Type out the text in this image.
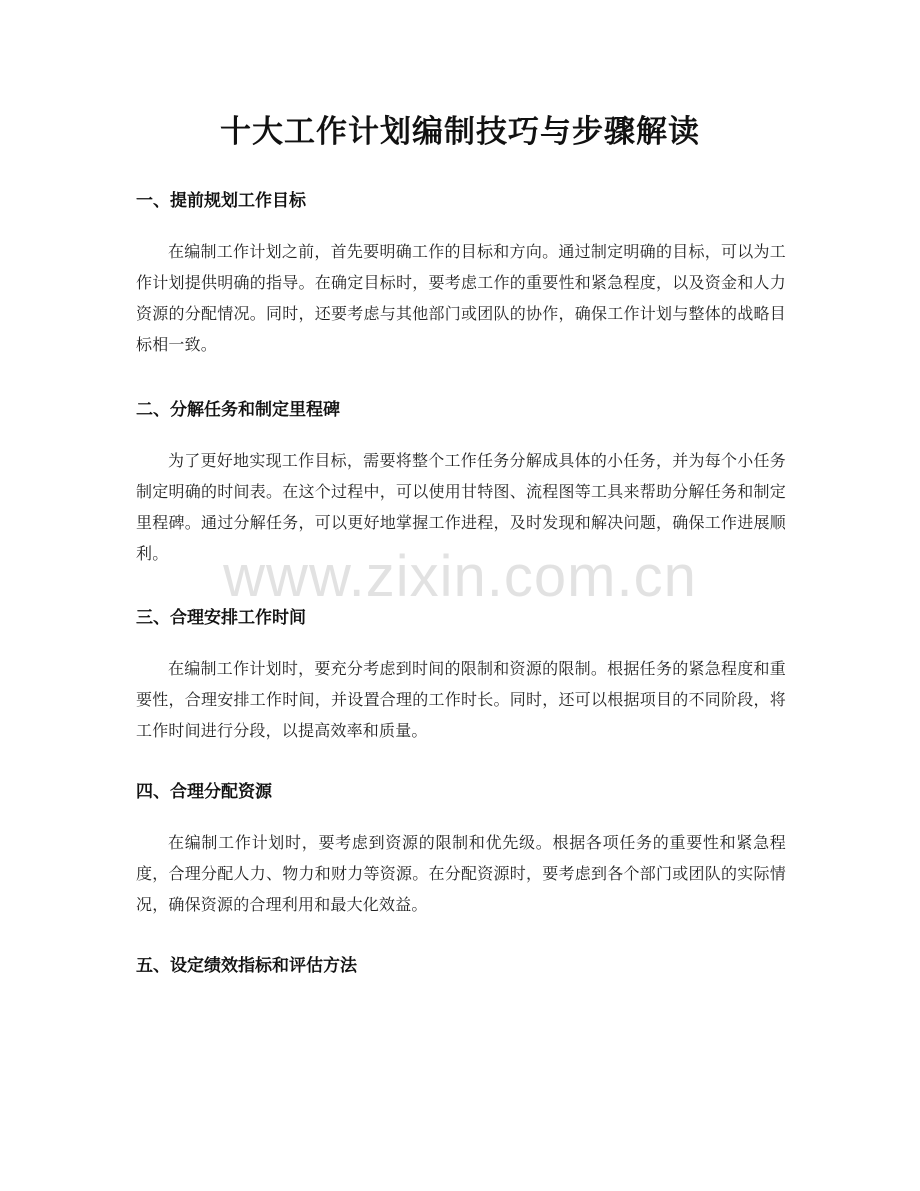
十大工作计划编制技巧与步骤解读
一、提前规划工作目标

在编制工作计划之前，首先要明确工作的目标和方向。通过制定明确的目标，可以为工作计划提供明确的指导。在确定目标时，要考虑工作的重要性和紧急程度，以及资金和人力资源的分配情况。同时，还要考虑与其他部门或团队的协作，确保工作计划与整体的战略目标相一致。

二、分解任务和制定里程碑

为了更好地实现工作目标，需要将整个工作任务分解成具体的小任务，并为每个小任务制定明确的时间表。在这个过程中，可以使用甘特图、流程图等工具来帮助分解任务和制定里程碑。通过分解任务，可以更好地掌握工作进程，及时发现和解决问题，确保工作进展顺利。

三、合理安排工作时间

在编制工作计划时，要充分考虑到时间的限制和资源的限制。根据任务的紧急程度和重要性，合理安排工作时间，并设置合理的工作时长。同时，还可以根据项目的不同阶段，将工作时间进行分段，以提高效率和质量。

四、合理分配资源

在编制工作计划时，要考虑到资源的限制和优先级。根据各项任务的重要性和紧急程度，合理分配人力、物力和财力等资源。在分配资源时，要考虑到各个部门或团队的实际情况，确保资源的合理利用和最大化效益。

五、设定绩效指标和评估方法
www.zixin.com.cn
